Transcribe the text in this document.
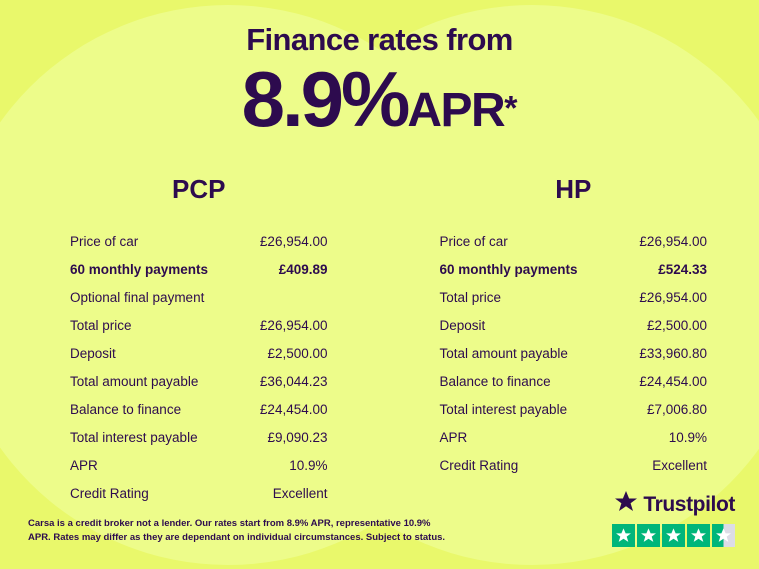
Finance rates from
8.9%APR*
PCP
Price of car	£26,954.00
60 monthly payments	£409.89
Optional final payment
Total price	£26,954.00
Deposit	£2,500.00
Total amount payable	£36,044.23
Balance to finance	£24,454.00
Total interest payable	£9,090.23
APR	10.9%
Credit Rating	Excellent
HP
Price of car	£26,954.00
60 monthly payments	£524.33
Total price	£26,954.00
Deposit	£2,500.00
Total amount payable	£33,960.80
Balance to finance	£24,454.00
Total interest payable	£7,006.80
APR	10.9%
Credit Rating	Excellent
Carsa is a credit broker not a lender. Our rates start from 8.9% APR, representative 10.9% APR. Rates may differ as they are dependant on individual circumstances. Subject to status.
Trustpilot
